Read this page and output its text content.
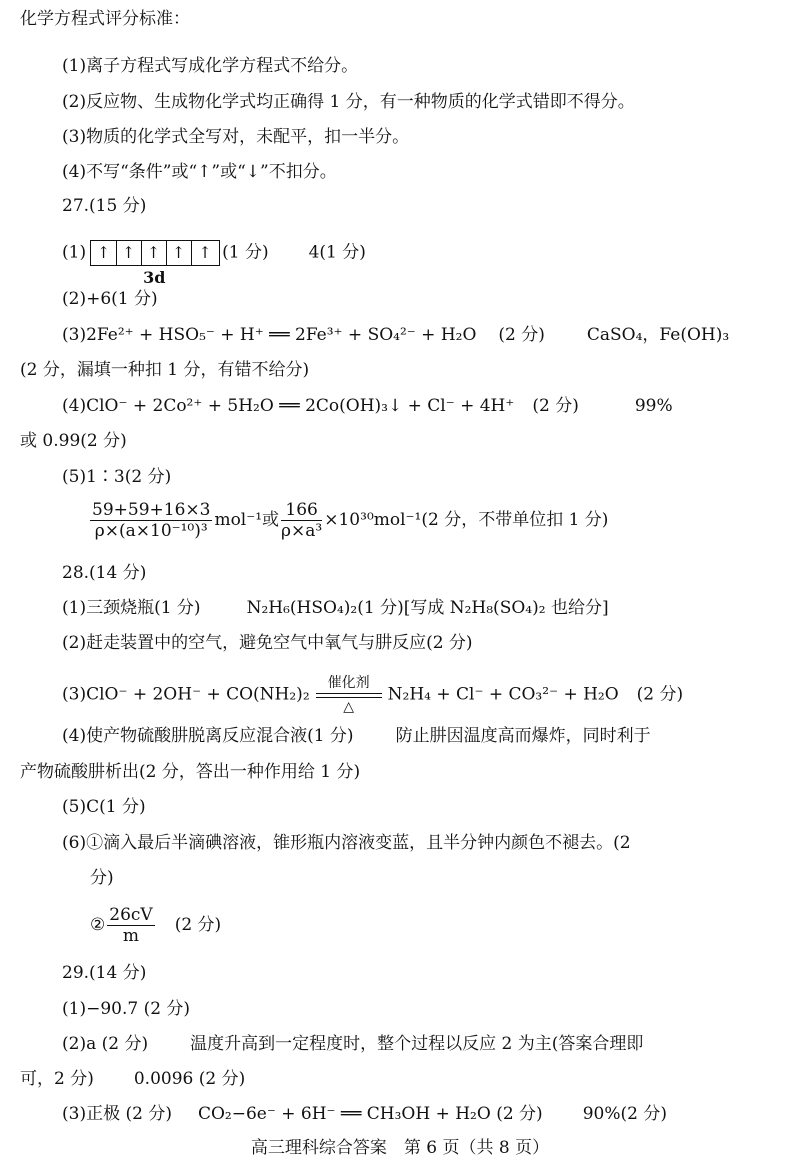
化学方程式评分标准：
(1)离子方程式写成化学方程式不给分。
(2)反应物、生成物化学式均正确得 1 分，有一种物质的化学式错即不得分。
(3)物质的化学式全写对，未配平，扣一半分。
(4)不写“条件”或“↑”或“↓”不扣分。
27.(15 分)
(1) ↑ ↑ ↑ ↑ ↑
3d
(1 分) 4(1 分)
(2)+6(1 分)
(3)2Fe²⁺ + HSO₅⁻ + H⁺ ══ 2Fe³⁺ + SO₄²⁻ + H₂O (2 分) CaSO₄，Fe(OH)₃
(2 分，漏填一种扣 1 分，有错不给分)
(4)ClO⁻ + 2Co²⁺ + 5H₂O ══ 2Co(OH)₃↓ + Cl⁻ + 4H⁺ (2 分)	99%
或 0.99(2 分)
(5)1∶3(2 分)
$\frac{59+59+16\times 3}{\text{ρ×(a×10⁻¹⁰)³}} mol^{-1}$或 $\frac{166}{\text{ρ×a³}} \times 10^{30}mol^{-1}(2$ 分，不带单位扣 1 分)
28.(14 分)
(1)三颈烧瓶(1 分)	N₂H₆(HSO₄)₂(1 分)[写成 N₂H₈(SO₄)₂ 也给分]
(2)赶走装置中的空气，避免空气中氧气与肼反应(2 分)
(3)ClO⁻ + 2OH⁻ + CO(NH₂)₂
催化剂
△
N₂H₄ + Cl⁻ + CO₃²⁻ + H₂O (2 分)
(4)使产物硫酸肼脱离反应混合液(1 分) 防止肼因温度高而爆炸，同时利于
产物硫酸肼析出(2 分，答出一种作用给 1 分)
(5)C(1 分)
(6)①滴入最后半滴碘溶液，锥形瓶内溶液变蓝，且半分钟内颜色不褪去。(2
分)
② $\frac{26cV}{m} (2$ 分)
29.(14 分)
(1)−90.7 (2 分)
(2)a (2 分) 温度升高到一定程度时，整个过程以反应 2 为主(答案合理即
可，2 分) 0.0096 (2 分)
(3)正极 (2 分) CO₂−6e⁻ + 6H⁻ ══ CH₃OH + H₂O (2 分) 90%(2 分)
高三理科综合答案　第 6 页（共 8 页）
